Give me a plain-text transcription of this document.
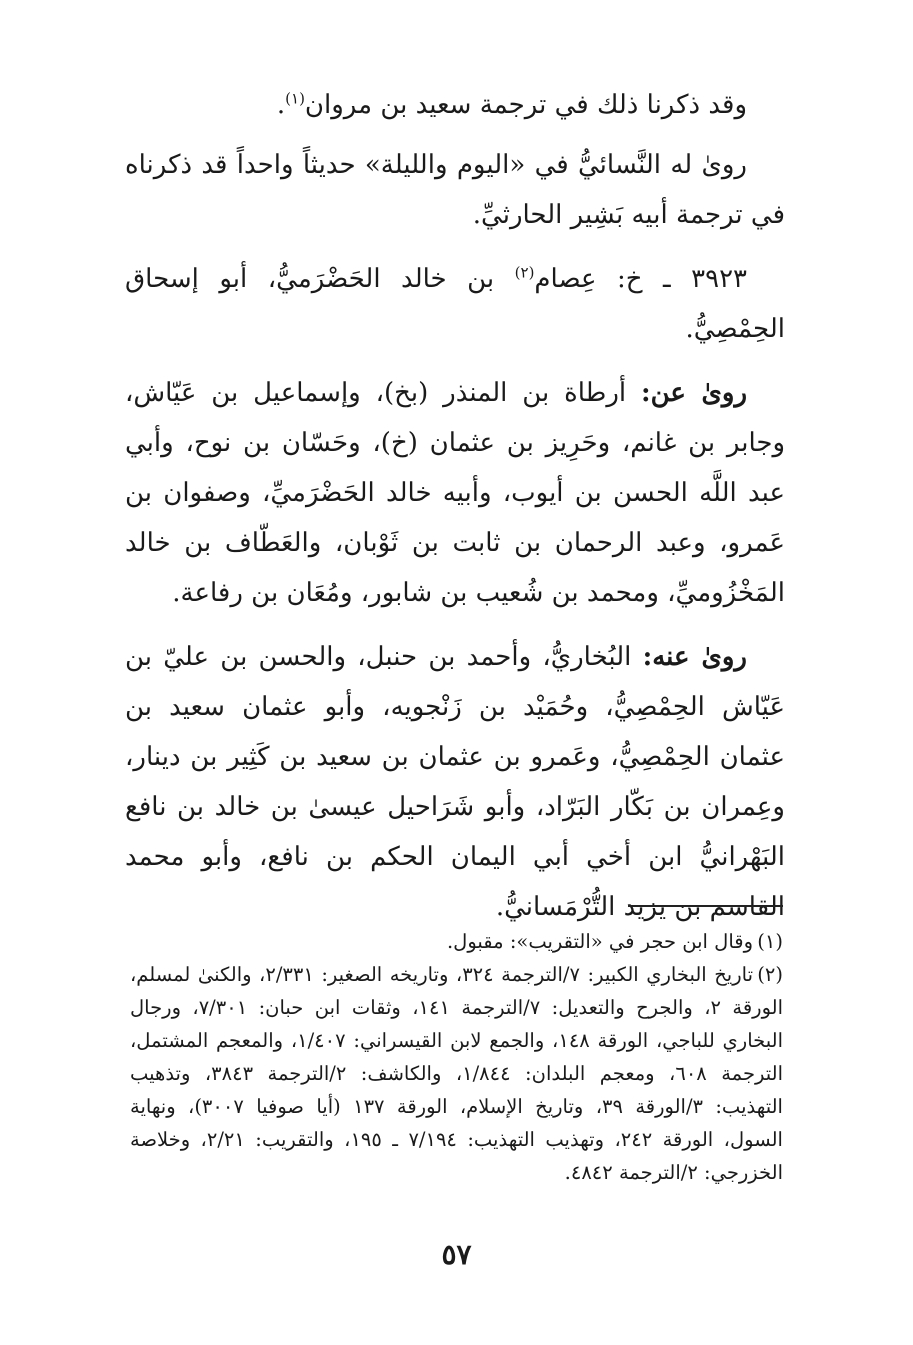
وقد ذكرنا ذلك في ترجمة سعيد بن مروان$^{(١)}$.

روىٰ له النَّسائيُّ في «اليوم والليلة» حديثاً واحداً قد ذكرناه في ترجمة أبيه بَشِير الحارثيِّ.

٣٩٢٣ ـ خ: عِصام$^{(٢)}$ بن خالد الحَضْرَميُّ، أبو إسحاق الحِمْصِيُّ.

روىٰ عن: أرطاة بن المنذر (بخ)، وإسماعيل بن عَيّاش، وجابر بن غانم، وحَرِيز بن عثمان (خ)، وحَسّان بن نوح، وأبي عبد اللَّه الحسن بن أيوب، وأبيه خالد الحَضْرَميِّ، وصفوان بن عَمرو، وعبد الرحمان بن ثابت بن ثَوْبان، والعَطّاف بن خالد المَخْزُوميِّ، ومحمد بن شُعيب بن شابور، ومُعَان بن رفاعة.

روىٰ عنه: البُخاريُّ، وأحمد بن حنبل، والحسن بن عليّ بن عَيّاش الحِمْصِيُّ، وحُمَيْد بن زَنْجويه، وأبو عثمان سعيد بن عثمان الحِمْصِيُّ، وعَمرو بن عثمان بن سعيد بن كَثِير بن دينار، وعِمران بن بَكّار البَرّاد، وأبو شَرَاحيل عيسىٰ بن خالد بن نافع البَهْرانيُّ ابن أخي أبي اليمان الحكم بن نافع، وأبو محمد القاسم بن يزيد التُّرْمَسانيُّ.

(١)وقال ابن حجر في «التقريب»: مقبول.

(٢)تاريخ البخاري الكبير: ٧/الترجمة ٣٢٤، وتاريخه الصغير: ٢/٣٣١، والكنىٰ لمسلم، الورقة ٢، والجرح والتعديل: ٧/الترجمة ١٤١، وثقات ابن حبان: ٧/٣٠١، ورجال البخاري للباجي، الورقة ١٤٨، والجمع لابن القيسراني: ١/٤٠٧، والمعجم المشتمل، الترجمة ٦٠٨، ومعجم البلدان: ١/٨٤٤، والكاشف: ٢/الترجمة ٣٨٤٣، وتذهيب التهذيب: ٣/الورقة ٣٩، وتاريخ الإسلام، الورقة ١٣٧ (أيا صوفيا ٣٠٠٧)، ونهاية السول، الورقة ٢٤٢، وتهذيب التهذيب: ٧/١٩٤ ـ ١٩٥، والتقريب: ٢/٢١، وخلاصة الخزرجي: ٢/الترجمة ٤٨٤٢.

٥٧
